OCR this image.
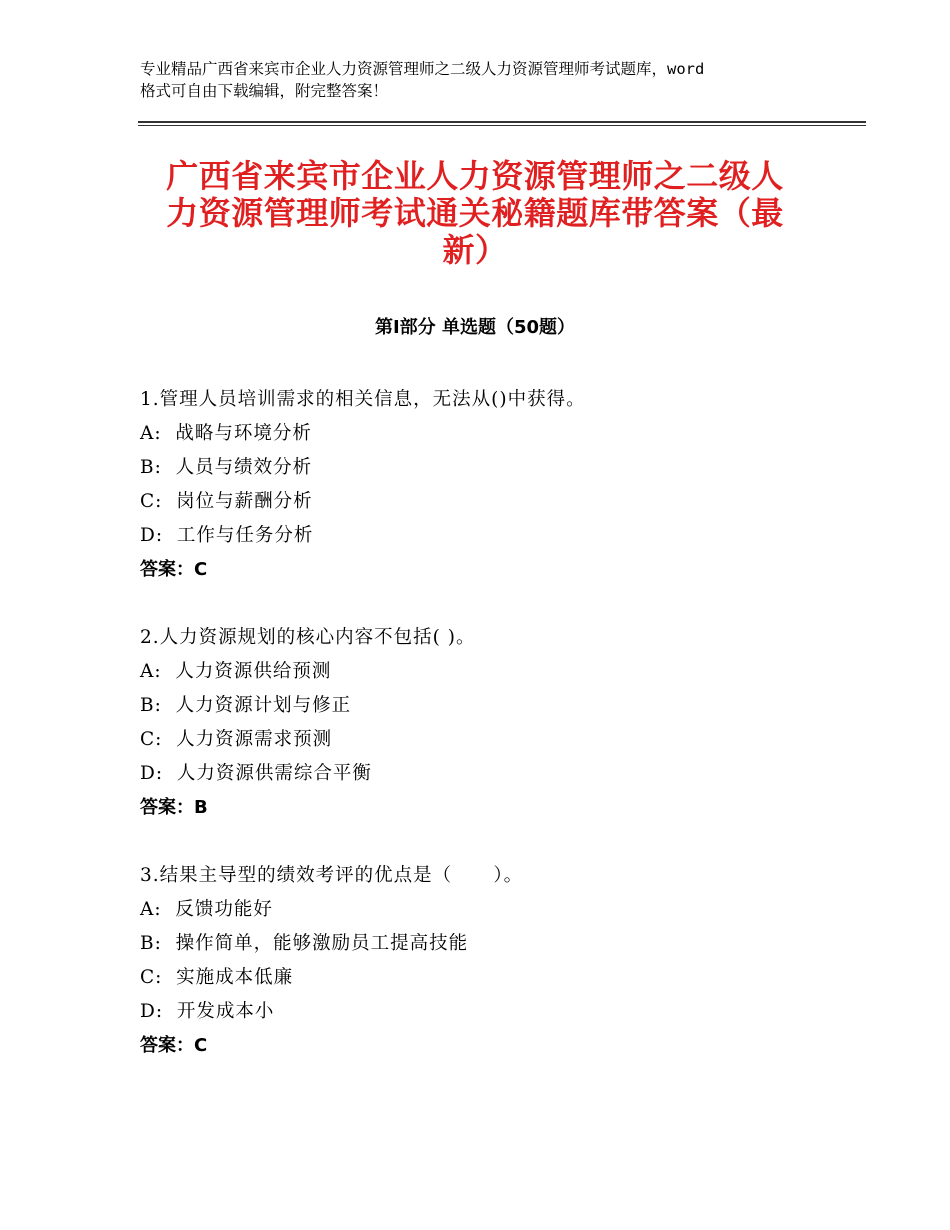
专业精品广西省来宾市企业人力资源管理师之二级人力资源管理师考试题库，word
格式可自由下载编辑，附完整答案！
广西省来宾市企业人力资源管理师之二级人
力资源管理师考试通关秘籍题库带答案（最
新）
第Ⅰ部分 单选题（50题）
1.管理人员培训需求的相关信息，无法从()中获得。
A:  战略与环境分析
B:  人员与绩效分析
C:  岗位与薪酬分析
D:  工作与任务分析
答案：C
2.人力资源规划的核心内容不包括( )。
A:  人力资源供给预测
B:  人力资源计划与修正
C:  人力资源需求预测
D:  人力资源供需综合平衡
答案：B
3.结果主导型的绩效考评的优点是（      ）。
A:  反馈功能好
B:  操作简单，能够激励员工提高技能
C:  实施成本低廉
D:  开发成本小
答案：C
